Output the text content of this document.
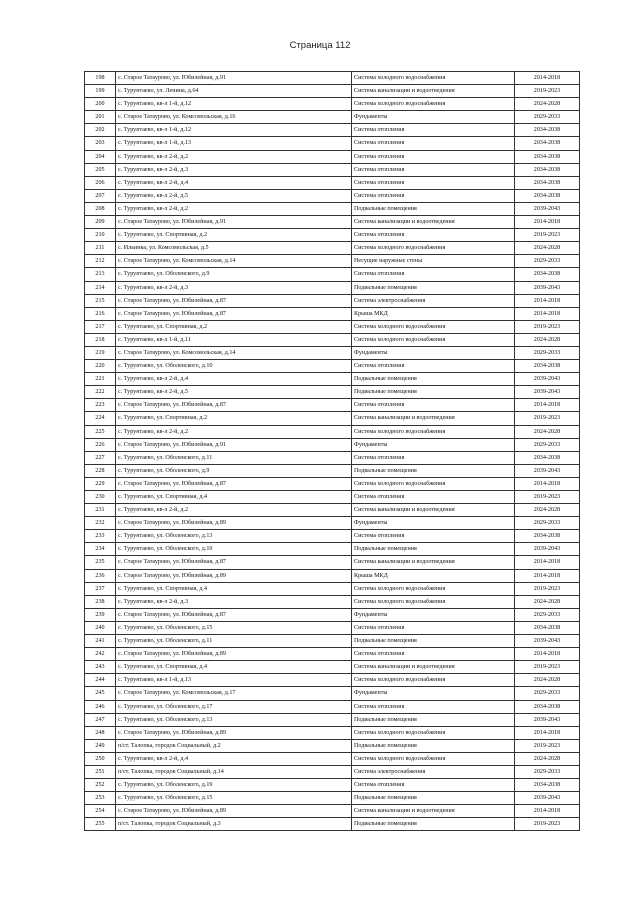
Страница 112
198	с. Старое Татаурово, ул. Юбилейная, д.91	Система холодного водоснабжения	2014-2018
199	с. Турунтаево, ул. Ленина, д.64	Система канализации и водоотведения	2019-2023
200	с. Турунтаево, кв-л 1-й, д.12	Система холодного водоснабжения	2024-2028
201	с. Старое Татаурово, ул. Комсомольская, д.16	Фундаменты	2029-2033
202	с. Турунтаево, кв-л 1-й, д.12	Система отопления	2034-2038
203	с. Турунтаево, кв-л 1-й, д.13	Система отопления	2034-2038
204	с. Турунтаево, кв-л 2-й, д.2	Система отопления	2034-2038
205	с. Турунтаево, кв-л 2-й, д.3	Система отопления	2034-2038
206	с. Турунтаево, кв-л 2-й, д.4	Система отопления	2034-2038
207	с. Турунтаево, кв-л 2-й, д.5	Система отопления	2034-2038
208	с. Турунтаево, кв-л 2-й, д.2	Подвальные помещения	2039-2043
209	с. Старое Татаурово, ул. Юбилейная, д.91	Система канализации и водоотведения	2014-2018
210	с. Турунтаево, ул. Спортивная, д.2	Система отопления	2019-2023
211	с. Ильинка, ул. Комсомольская, д.5	Система холодного водоснабжения	2024-2028
212	с. Старое Татаурово, ул. Комсомольская, д.14	Несущие наружные стены	2029-2033
213	с. Турунтаево, ул. Оболенского, д.9	Система отопления	2034-2038
214	с. Турунтаево, кв-л 2-й, д.3	Подвальные помещения	2039-2043
215	с. Старое Татаурово, ул. Юбилейная, д.87	Система электроснабжения	2014-2018
216	с. Старое Татаурово, ул. Юбилейная, д.87	Крыша МКД	2014-2018
217	с. Турунтаево, ул. Спортивная, д.2	Система холодного водоснабжения	2019-2023
218	с. Турунтаево, кв-л 1-й, д.11	Система холодного водоснабжения	2024-2028
219	с. Старое Татаурово, ул. Комсомольская, д.14	Фундаменты	2029-2033
220	с. Турунтаево, ул. Оболенского, д.10	Система отопления	2034-2038
221	с. Турунтаево, кв-л 2-й, д.4	Подвальные помещения	2039-2043
222	с. Турунтаево, кв-л 2-й, д.5	Подвальные помещения	2039-2043
223	с. Старое Татаурово, ул. Юбилейная, д.87	Система отопления	2014-2018
224	с. Турунтаево, ул. Спортивная, д.2	Система канализации и водоотведения	2019-2023
225	с. Турунтаево, кв-л 2-й, д.2	Система холодного водоснабжения	2024-2028
226	с. Старое Татаурово, ул. Юбилейная, д.91	Фундаменты	2029-2033
227	с. Турунтаево, ул. Оболенского, д.11	Система отопления	2034-2038
228	с. Турунтаево, ул. Оболенского, д.9	Подвальные помещения	2039-2043
229	с. Старое Татаурово, ул. Юбилейная, д.87	Система холодного водоснабжения	2014-2018
230	с. Турунтаево, ул. Спортивная, д.4	Система отопления	2019-2023
231	с. Турунтаево, кв-л 2-й, д.2	Система канализации и водоотведения	2024-2028
232	с. Старое Татаурово, ул. Юбилейная, д.89	Фундаменты	2029-2033
233	с. Турунтаево, ул. Оболенского, д.13	Система отопления	2034-2038
234	с. Турунтаево, ул. Оболенского, д.10	Подвальные помещения	2039-2043
235	с. Старое Татаурово, ул. Юбилейная, д.87	Система канализации и водоотведения	2014-2018
236	с. Старое Татаурово, ул. Юбилейная, д.89	Крыша МКД	2014-2018
237	с. Турунтаево, ул. Спортивная, д.4	Система холодного водоснабжения	2019-2023
238	с. Турунтаево, кв-л 2-й, д.3	Система холодного водоснабжения	2024-2028
239	с. Старое Татаурово, ул. Юбилейная, д.87	Фундаменты	2029-2033
240	с. Турунтаево, ул. Оболенского, д.15	Система отопления	2034-2038
241	с. Турунтаево, ул. Оболенского, д.11	Подвальные помещения	2039-2043
242	с. Старое Татаурово, ул. Юбилейная, д.89	Система отопления	2014-2018
243	с. Турунтаево, ул. Спортивная, д.4	Система канализации и водоотведения	2019-2023
244	с. Турунтаево, кв-л 1-й, д.13	Система холодного водоснабжения	2024-2028
245	с. Старое Татаурово, ул. Комсомольская, д.17	Фундаменты	2029-2033
246	с. Турунтаево, ул. Оболенского, д.17	Система отопления	2034-2038
247	с. Турунтаево, ул. Оболенского, д.13	Подвальные помещения	2039-2043
248	с. Старое Татаурово, ул. Юбилейная, д.89	Система холодного водоснабжения	2014-2018
249	п/ст. Талопка, городок Социальный, д.2	Подвальные помещения	2019-2023
250	с. Турунтаево, кв-л 2-й, д.4	Система холодного водоснабжения	2024-2028
251	п/ст. Талопка, городок Социальный, д.14	Система электроснабжения	2029-2033
252	с. Турунтаево, ул. Оболенского, д.19	Система отопления	2034-2038
253	с. Турунтаево, ул. Оболенского, д.15	Подвальные помещения	2039-2043
254	с. Старое Татаурово, ул. Юбилейная, д.89	Система канализации и водоотведения	2014-2018
255	п/ст. Талопка, городок Социальный, д.3	Подвальные помещения	2019-2023
